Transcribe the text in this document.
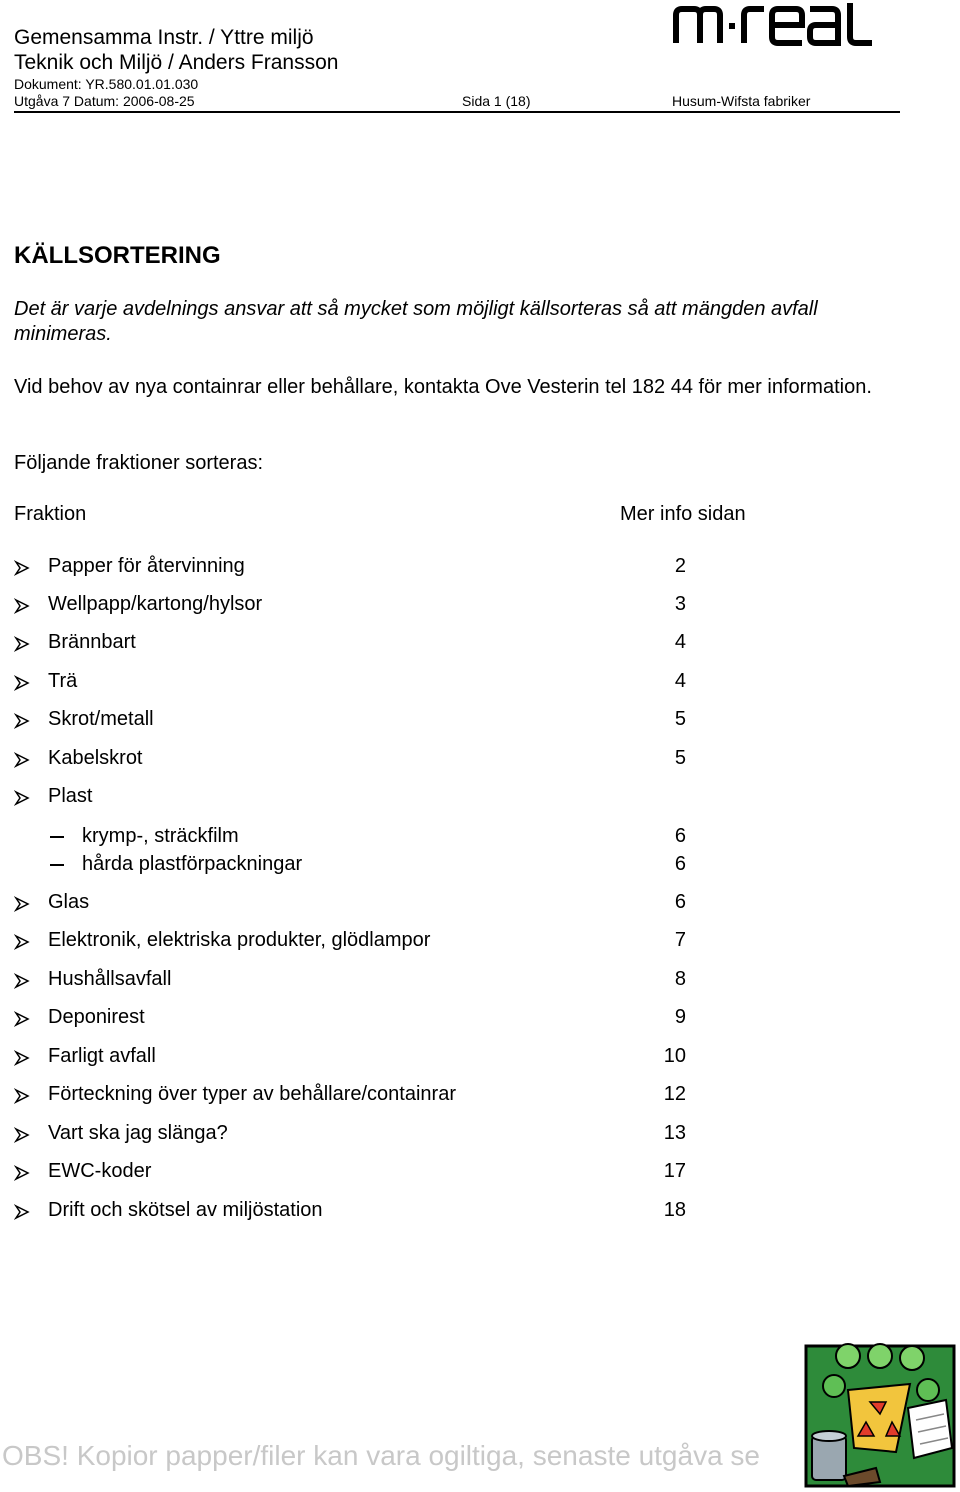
Gemensamma Instr. / Yttre miljö
Teknik och Miljö / Anders Fransson
Dokument: YR.580.01.01.030
Utgåva 7 Datum: 2006-08-25	Sida 1 (18)	Husum-Wifsta fabriker
KÄLLSORTERING
Det är varje avdelnings ansvar att så mycket som möjligt källsorteras så att mängden avfall minimeras.
Vid behov av nya containrar eller behållare, kontakta Ove Vesterin tel 182 44 för mer information.
Följande fraktioner sorteras:
Fraktion	Mer info sidan
Papper för återvinning	2
Wellpapp/kartong/hylsor	3
Brännbart	4
Trä	4
Skrot/metall	5
Kabelskrot	5
Plast
krymp-, sträckfilm	6
hårda plastförpackningar	6
Glas	6
Elektronik, elektriska produkter, glödlampor	7
Hushållsavfall	8
Deponirest	9
Farligt avfall	10
Förteckning över typer av behållare/containrar	12
Vart ska jag slänga?	13
EWC-koder	17
Drift och skötsel av miljöstation	18
OBS! Kopior papper/filer kan vara ogiltiga, senaste utgåva se
